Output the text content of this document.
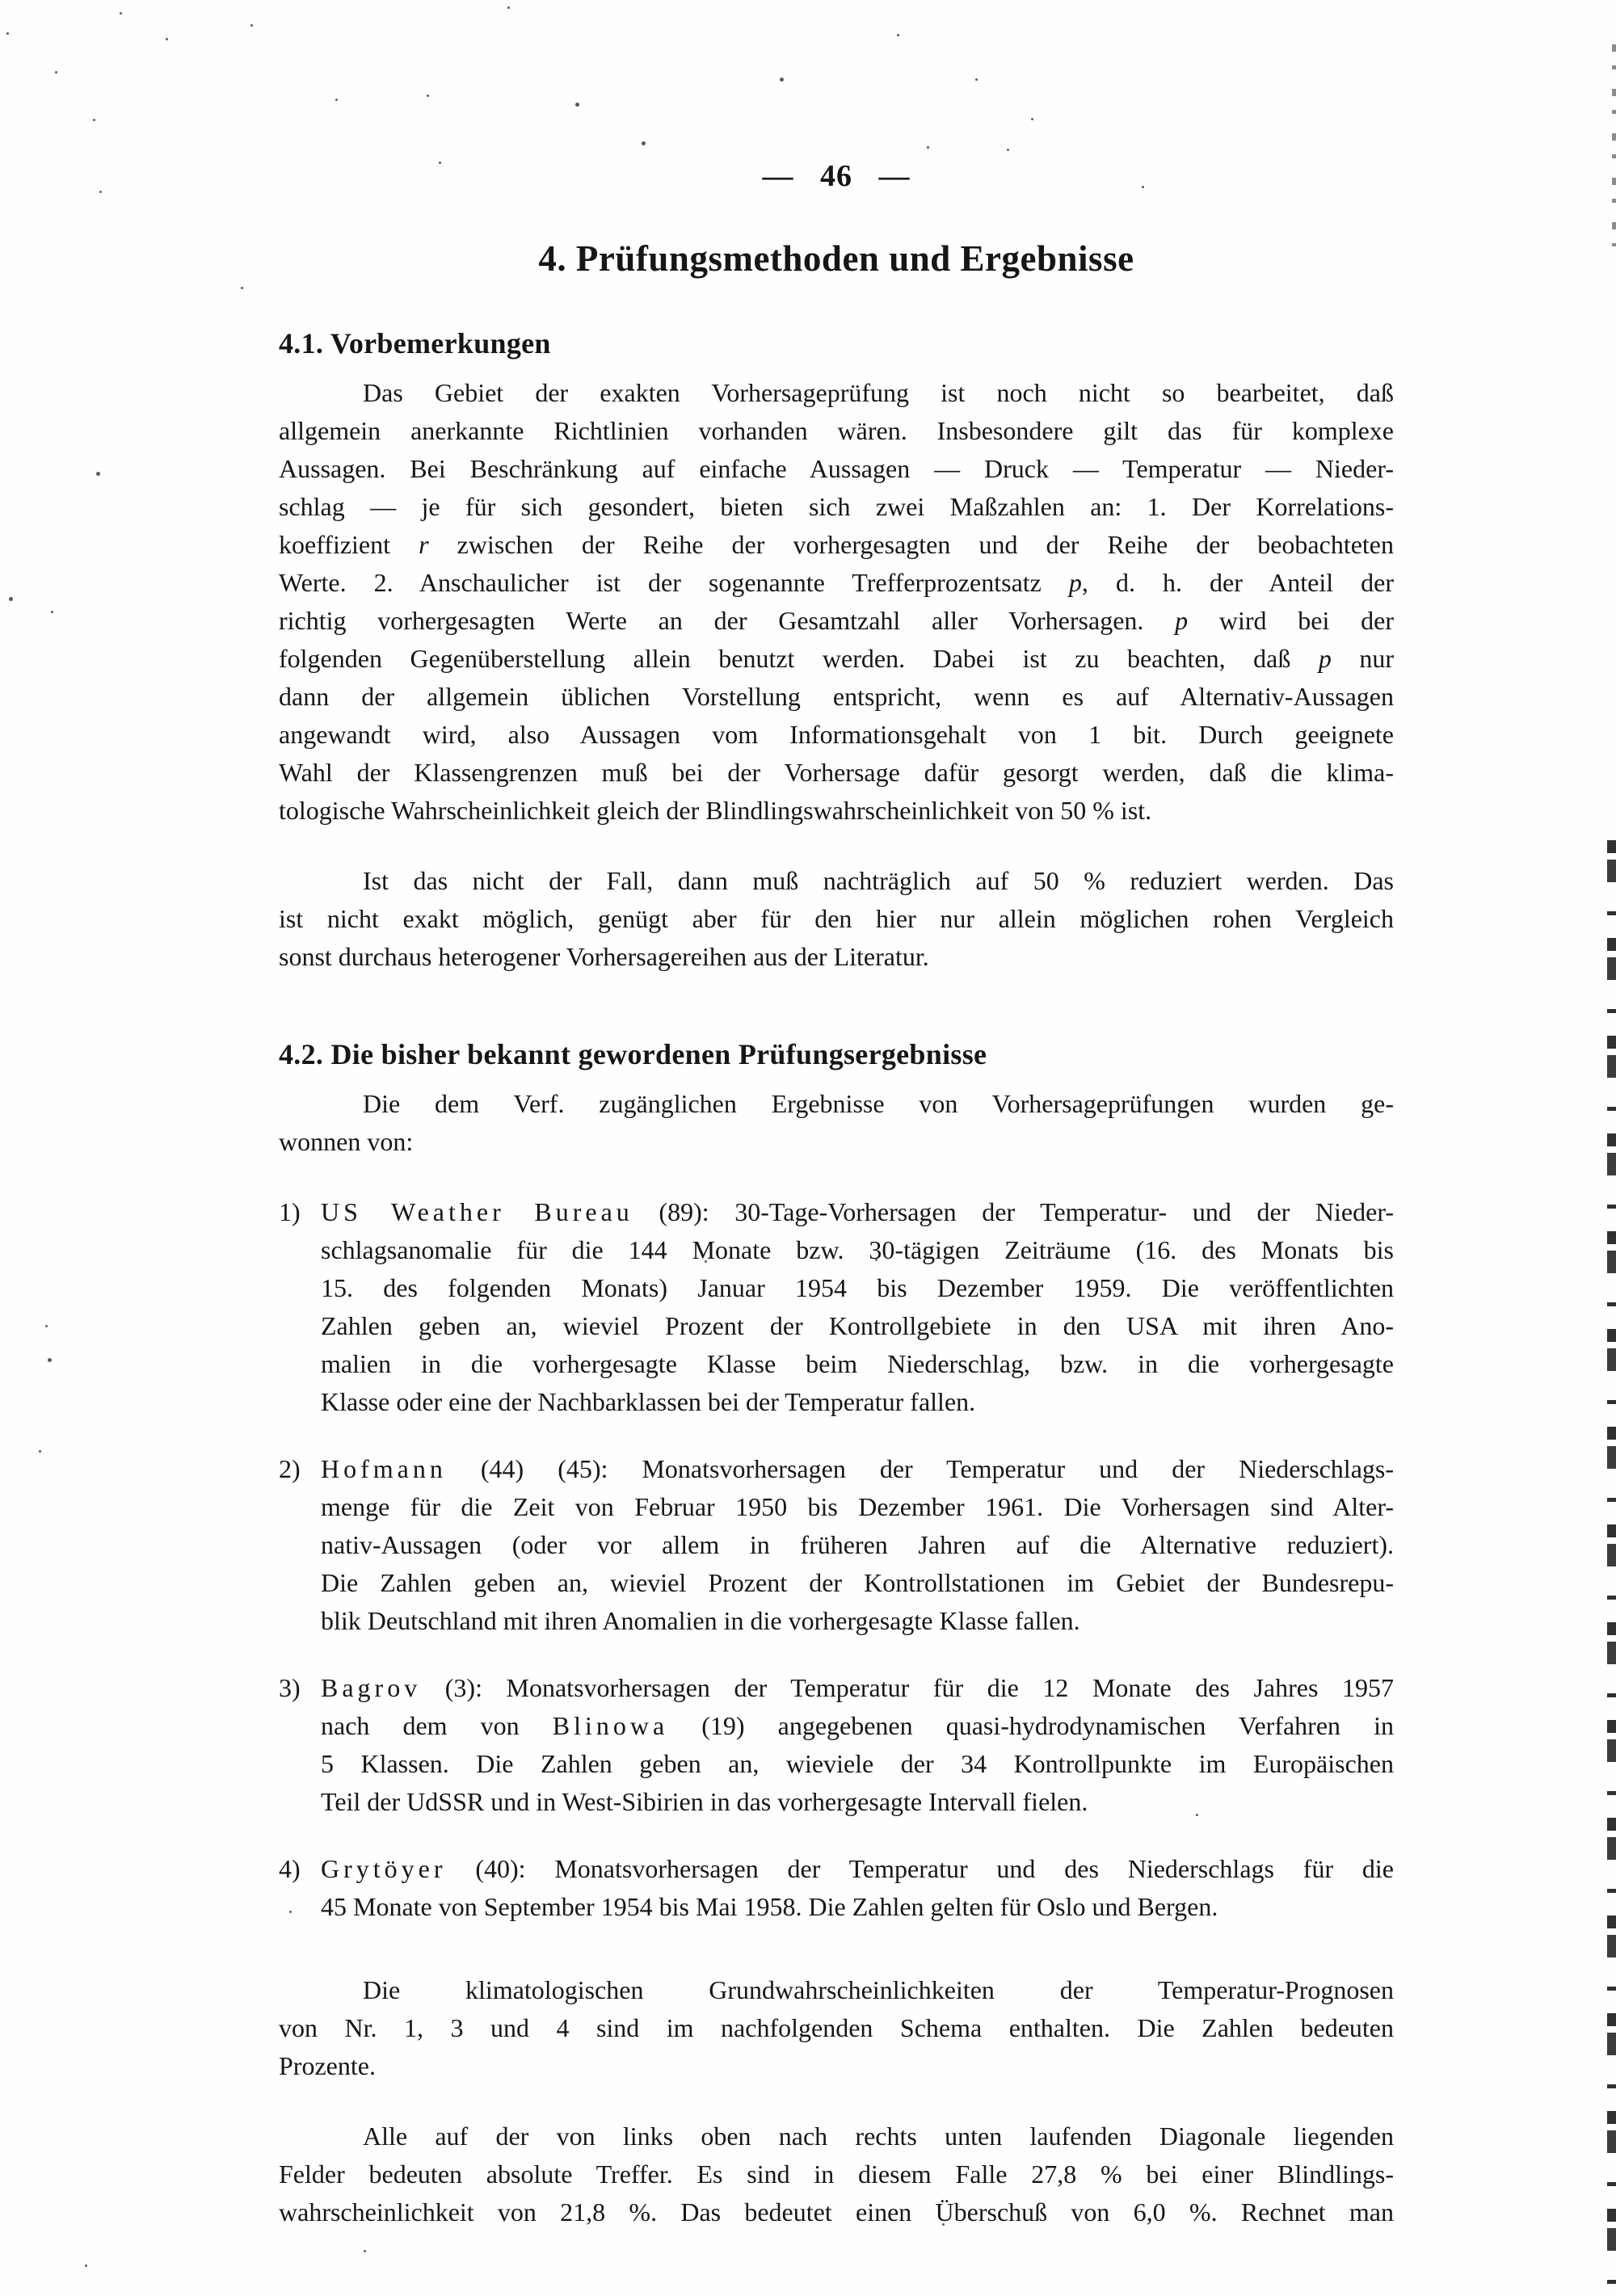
— 46 —
4. Prüfungsmethoden und Ergebnisse
4.1. Vorbemerkungen
Das Gebiet der exakten Vorhersageprüfung ist noch nicht so bearbeitet, daß
allgemein anerkannte Richtlinien vorhanden wären. Insbesondere gilt das für komplexe
Aussagen. Bei Beschränkung auf einfache Aussagen — Druck — Temperatur — Nieder-
schlag — je für sich gesondert, bieten sich zwei Maßzahlen an: 1. Der Korrelations-
koeffizient r zwischen der Reihe der vorhergesagten und der Reihe der beobachteten
Werte. 2. Anschaulicher ist der sogenannte Trefferprozentsatz p, d. h. der Anteil der
richtig vorhergesagten Werte an der Gesamtzahl aller Vorhersagen. p wird bei der
folgenden Gegenüberstellung allein benutzt werden. Dabei ist zu beachten, daß p nur
dann der allgemein üblichen Vorstellung entspricht, wenn es auf Alternativ-Aussagen
angewandt wird, also Aussagen vom Informationsgehalt von 1 bit. Durch geeignete
Wahl der Klassengrenzen muß bei der Vorhersage dafür gesorgt werden, daß die klima-
tologische Wahrscheinlichkeit gleich der Blindlingswahrscheinlichkeit von 50 % ist.
Ist das nicht der Fall, dann muß nachträglich auf 50 % reduziert werden. Das
ist nicht exakt möglich, genügt aber für den hier nur allein möglichen rohen Vergleich
sonst durchaus heterogener Vorhersagereihen aus der Literatur.
4.2. Die bisher bekannt gewordenen Prüfungsergebnisse
Die dem Verf. zugänglichen Ergebnisse von Vorhersageprüfungen wurden ge-
wonnen von:
1) US Weather Bureau (89): 30-Tage-Vorhersagen der Temperatur- und der Nieder-
schlagsanomalie für die 144 Monate bzw. 30-tägigen Zeiträume (16. des Monats bis
15. des folgenden Monats) Januar 1954 bis Dezember 1959. Die veröffentlichten
Zahlen geben an, wieviel Prozent der Kontrollgebiete in den USA mit ihren Ano-
malien in die vorhergesagte Klasse beim Niederschlag, bzw. in die vorhergesagte
Klasse oder eine der Nachbarklassen bei der Temperatur fallen.
2) Hofmann (44) (45): Monatsvorhersagen der Temperatur und der Niederschlags-
menge für die Zeit von Februar 1950 bis Dezember 1961. Die Vorhersagen sind Alter-
nativ-Aussagen (oder vor allem in früheren Jahren auf die Alternative reduziert).
Die Zahlen geben an, wieviel Prozent der Kontrollstationen im Gebiet der Bundesrepu-
blik Deutschland mit ihren Anomalien in die vorhergesagte Klasse fallen.
3) Bagrov (3): Monatsvorhersagen der Temperatur für die 12 Monate des Jahres 1957
nach dem von Blinowa (19) angegebenen quasi-hydrodynamischen Verfahren in
5 Klassen. Die Zahlen geben an, wieviele der 34 Kontrollpunkte im Europäischen
Teil der UdSSR und in West-Sibirien in das vorhergesagte Intervall fielen.
4) Grytöyer (40): Monatsvorhersagen der Temperatur und des Niederschlags für die
45 Monate von September 1954 bis Mai 1958. Die Zahlen gelten für Oslo und Bergen.
Die klimatologischen Grundwahrscheinlichkeiten der Temperatur-Prognosen
von Nr. 1, 3 und 4 sind im nachfolgenden Schema enthalten. Die Zahlen bedeuten
Prozente.
Alle auf der von links oben nach rechts unten laufenden Diagonale liegenden
Felder bedeuten absolute Treffer. Es sind in diesem Falle 27,8 % bei einer Blindlings-
wahrscheinlichkeit von 21,8 %. Das bedeutet einen Überschuß von 6,0 %. Rechnet man
